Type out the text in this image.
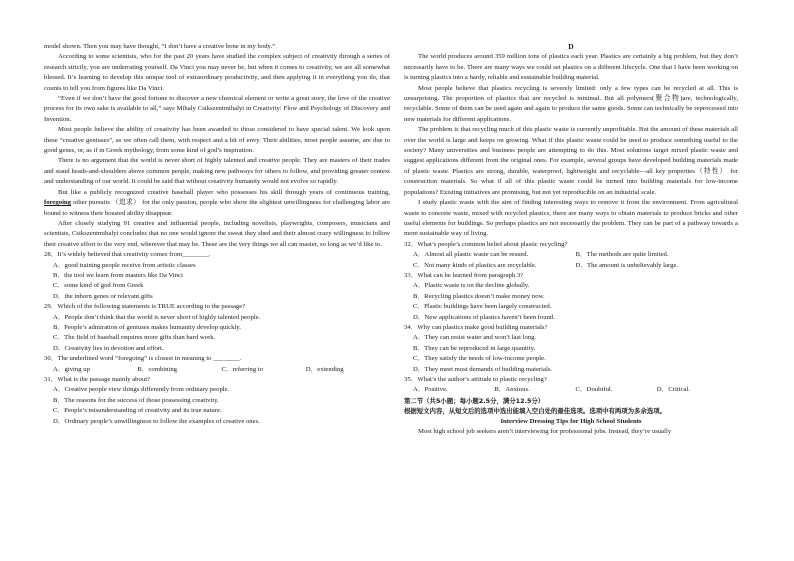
model shown. Then you may have thought, “I don’t have a creative bone in my body.”

According to some scientists, who for the past 20 years have studied the complex subject of creativity through a series of research strictly, you are underrating yourself. Da Vinci you may never be, but when it comes to creativity, we are all somewhat blessed. It’s learning to develop this unique tool of extraordinary productivity, and then applying it in everything you do, that counts to tell you from figures like Da Vinci.

“Even if we don’t have the good fortune to discover a new chemical element or write a great story, the love of the creative process for its own sake is available to all,” says Mihaly Csikszentmihalyi in Creativity: Flow and Psychology of Discovery and Invention.

Most people believe the ability of creativity has been awarded to those considered to have special talent. We look upon these “creative geniuses”, as we often call them, with respect and a bit of envy. Their abilities, most people assume, are due to good genes, or, as if in Greek mythology, from some kind of god’s inspiration.

There is no argument that the world is never short of highly talented and creative people. They are masters of their trades and stand heads-and-shoulders above common people, making new pathways for others to follow, and providing greater context and understanding of our world. It could be said that without creativity humanity would not evolve so rapidly.

But like a publicly recognized creative baseball player who possesses his skill through years of continuous training, foregoing other pursuits （追求） for the only passion, people who show the slightest unwillingness for challenging labor are bound to witness their boasted ability disappear.

After closely studying 91 creative and influential people, including novelists, playwrights, composers, musicians and scientists, Csikszentmihalyi concludes that no one would ignore the sweat they shed and their almost crazy willingness to follow their creative effort to the very end, wherever that may be. These are the very things we all can master, so long as we’d like to.

28．It’s widely believed that creativity comes from________.
A．good training people receive from artistic classes
B．the tool we learn from masters like Da Vinci
C．some kind of god from Greek
D．the inborn genes or relevant gifts
29．Which of the following statements is TRUE according to the passage?
A．People don’t think that the world is never short of highly talented people.
B．People’s admiration of geniuses makes humanity develop quickly.
C．The field of baseball requires more gifts than hard work.
D．Creativity lies in devotion and effort.
30．The underlined word “foregoing” is closest in meaning to ________.
A．giving up	B．combining	C．referring to	D．extending
31．What is the passage mainly about?
A．Creative people view things differently from ordinary people.
B．The reasons for the success of those possessing creativity.
C．People’s misunderstanding of creativity and its true nature.
D．Ordinary people’s unwillingness to follow the examples of creative ones.
D

The world produces around 359 million tons of plastics each year. Plastics are certainly a big problem, but they don’t necessarily have to be. There are many ways we could set plastics on a different lifecycle. One that I have been working on is turning plastics into a hardy, reliable and sustainable building material.

Most people believe that plastics recycling is severely limited: only a few types can be recycled at all. This is unsurprising. The proportion of plastics that are recycled is minimal. But all polymers(聚合物)are, technologically, recyclable. Some of them can be used again and again to produce the same goods. Some can technically be reprocessed into new materials for different applications.

The problem is that recycling much of this plastic waste is currently unprofitable. But the amount of these materials all over the world is large and keeps on growing. What if this plastic waste could be used to produce something useful to the society? Many universities and business people are attempting to do this. Most solutions target mixed plastic waste and suggest applications different from the original ones. For example, several groups have developed building materials made of plastic waste. Plastics are strong, durable, waterproof, lightweight and recyclable—all key properties（特性） for construction materials. So what if all of this plastic waste could be turned into building materials for low-income populations? Existing initiatives are promising, but not yet reproducible on an industrial scale.

I study plastic waste with the aim of finding interesting ways to remove it from the environment. From agricultural waste to concrete waste, mixed with recycled plastics, there are many ways to obtain materials to produce bricks and other useful elements for buildings. So perhaps plastics are not necessarily the problem. They can be part of a pathway towards a more sustainable way of living.

32．What’s people’s common belief about plastic recycling?
A．Almost all plastic waste can be reused.	B．The methods are quite limited.
C．Not many kinds of plastics are recyclable.	D．The amount is unbelievably large.
33．What can be learned from paragraph 3?
A．Plastic waste is on the decline globally.
B．Recycling plastics doesn’t make money now.
C．Plastic buildings have been largely constructed.
D．New applications of plastics haven’t been found.
34．Why can plastics make good building materials?
A．They can resist water and won’t last long.
B．They can be reproduced in large quantity.
C．They satisfy the needs of low-income people.
D．They meet most demands of building materials.
35．What’s the author’s attitude to plastic recycling?
A．Positive.	B．Anxious.	C．Doubtful.	D．Critical.
第二节（共5小题；每小题2.5分，满分12.5分）
根据短文内容，从短文后的选项中选出能填入空白处的最佳选项。选项中有两项为多余选项。
Interview Dressing Tips for High School Students

Most high school job seekers aren’t interviewing for professional jobs. Instead, they’re usually
